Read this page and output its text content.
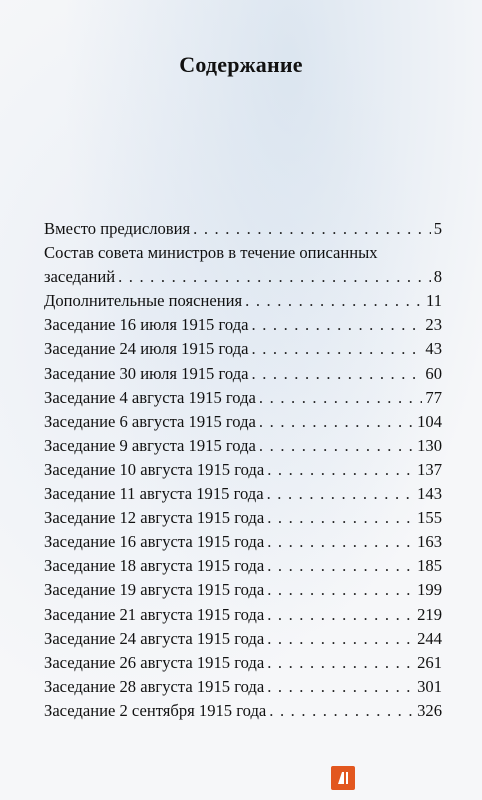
Содержание
Вместо предисловия . . .	5
Состав совета министров в течение описанных
заседаний . . .	8
Дополнительные пояснения . . .	11
Заседание 16 июля 1915 года . . .	23
Заседание 24 июля 1915 года . . .	43
Заседание 30 июля 1915 года . . .	60
Заседание 4 августа 1915 года . . .	77
Заседание 6 августа 1915 года . . .	104
Заседание 9 августа 1915 года . . .	130
Заседание 10 августа 1915 года . . .	137
Заседание 11 августа 1915 года . . .	143
Заседание 12 августа 1915 года . . .	155
Заседание 16 августа 1915 года . . .	163
Заседание 18 августа 1915 года . . .	185
Заседание 19 августа 1915 года . . .	199
Заседание 21 августа 1915 года . . .	219
Заседание 24 августа 1915 года . . .	244
Заседание 26 августа 1915 года . . .	261
Заседание 28 августа 1915 года . . .	301
Заседание 2 сентября 1915 года . . .	326
